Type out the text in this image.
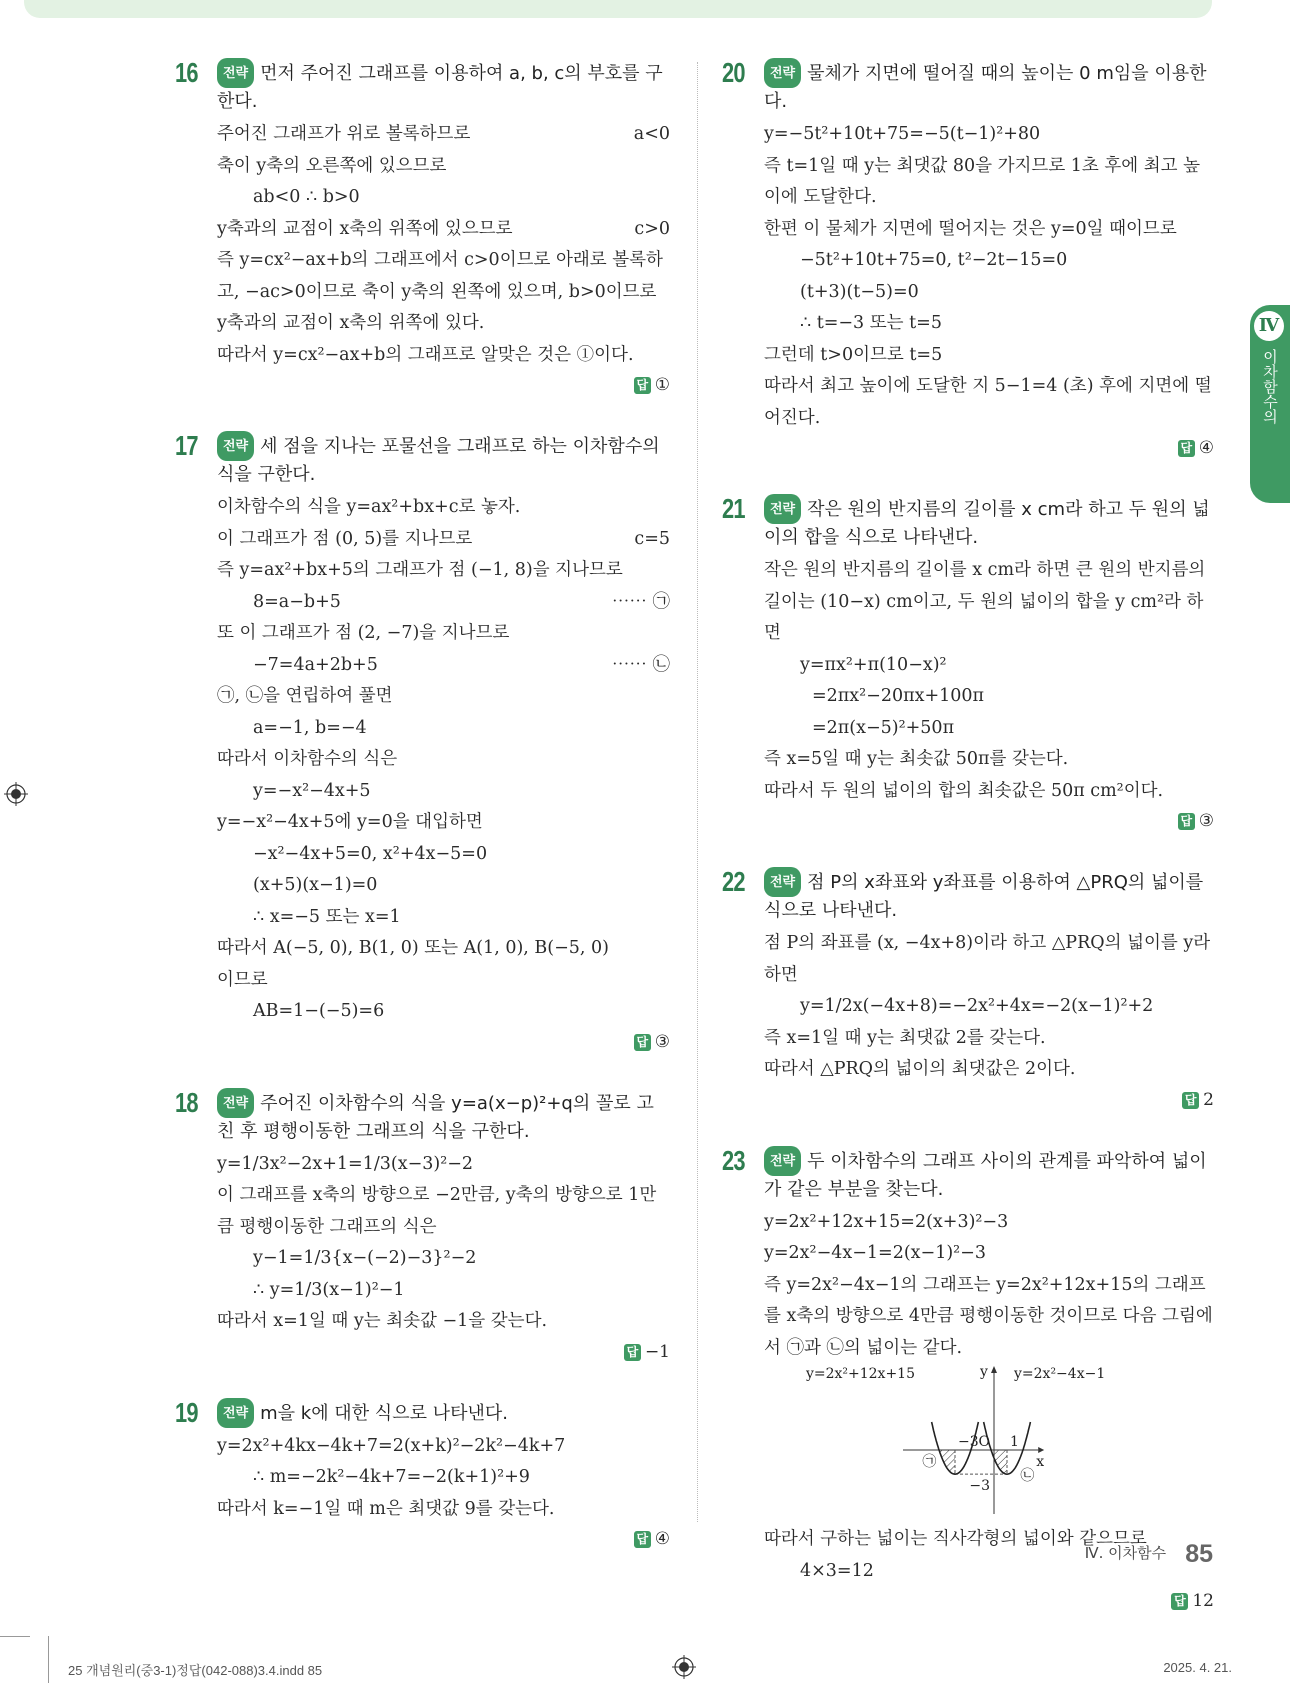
16	전략 먼저 주어진 그래프를 이용하여 a, b, c의 부호를 구한다.
a<0
주어진 그래프가 위로 볼록하므로
축이 y축의 오른쪽에 있으므로
ab<0 ∴ b>0
c>0
y축과의 교점이 x축의 위쪽에 있으므로
즉 y=cx²−ax+b의 그래프에서 c>0이므로 아래로 볼록하고, −ac>0이므로 축이 y축의 왼쪽에 있으며, b>0이므로 y축과의 교점이 x축의 위쪽에 있다.
따라서 y=cx²−ax+b의 그래프로 알맞은 것은 ①이다.
답 ①
17	전략 세 점을 지나는 포물선을 그래프로 하는 이차함수의 식을 구한다.
이차함수의 식을 y=ax²+bx+c로 놓자.
c=5
이 그래프가 점 (0, 5)를 지나므로
즉 y=ax²+bx+5의 그래프가 점 (−1, 8)을 지나므로
⋯⋯ ㉠
8=a−b+5
또 이 그래프가 점 (2, −7)을 지나므로
⋯⋯ ㉡
−7=4a+2b+5
㉠, ㉡을 연립하여 풀면
a=−1, b=−4
따라서 이차함수의 식은
y=−x²−4x+5
y=−x²−4x+5에 y=0을 대입하면
−x²−4x+5=0, x²+4x−5=0
(x+5)(x−1)=0
∴ x=−5 또는 x=1
따라서 A(−5, 0), B(1, 0) 또는 A(1, 0), B(−5, 0)
이므로
AB=1−(−5)=6
답 ③
18	전략 주어진 이차함수의 식을 y=a(x−p)²+q의 꼴로 고친 후 평행이동한 그래프의 식을 구한다.
y=1/3x²−2x+1=1/3(x−3)²−2
이 그래프를 x축의 방향으로 −2만큼, y축의 방향으로 1만큼 평행이동한 그래프의 식은
y−1=1/3{x−(−2)−3}²−2
∴ y=1/3(x−1)²−1
따라서 x=1일 때 y는 최솟값 −1을 갖는다.
답 −1
19	전략 m을 k에 대한 식으로 나타낸다.
y=2x²+4kx−4k+7=2(x+k)²−2k²−4k+7
∴ m=−2k²−4k+7=−2(k+1)²+9
따라서 k=−1일 때 m은 최댓값 9를 갖는다.
답 ④
20	전략 물체가 지면에 떨어질 때의 높이는 0 m임을 이용한다.
y=−5t²+10t+75=−5(t−1)²+80
즉 t=1일 때 y는 최댓값 80을 가지므로 1초 후에 최고 높이에 도달한다.
한편 이 물체가 지면에 떨어지는 것은 y=0일 때이므로
−5t²+10t+75=0, t²−2t−15=0
(t+3)(t−5)=0
∴ t=−3 또는 t=5
그런데 t>0이므로 t=5
따라서 최고 높이에 도달한 지 5−1=4 (초) 후에 지면에 떨어진다.
답 ④
21	전략 작은 원의 반지름의 길이를 x cm라 하고 두 원의 넓이의 합을 식으로 나타낸다.
작은 원의 반지름의 길이를 x cm라 하면 큰 원의 반지름의 길이는 (10−x) cm이고, 두 원의 넓이의 합을 y cm²라 하면
y=πx²+π(10−x)²
=2πx²−20πx+100π
=2π(x−5)²+50π
즉 x=5일 때 y는 최솟값 50π를 갖는다.
따라서 두 원의 넓이의 합의 최솟값은 50π cm²이다.
답 ③
22	전략 점 P의 x좌표와 y좌표를 이용하여 △PRQ의 넓이를 식으로 나타낸다.
점 P의 좌표를 (x, −4x+8)이라 하고 △PRQ의 넓이를 y라 하면
y=1/2x(−4x+8)=−2x²+4x=−2(x−1)²+2
즉 x=1일 때 y는 최댓값 2를 갖는다.
따라서 △PRQ의 넓이의 최댓값은 2이다.
답 2
23	전략 두 이차함수의 그래프 사이의 관계를 파악하여 넓이가 같은 부분을 찾는다.
y=2x²+12x+15=2(x+3)²−3
y=2x²−4x−1=2(x−1)²−3
즉 y=2x²−4x−1의 그래프는 y=2x²+12x+15의 그래프를 x축의 방향으로 4만큼 평행이동한 것이므로 다음 그림에서 ㉠과 ㉡의 넓이는 같다.
y=2x²+12x+15	y=2x²−4x−1
y
x
O
−3 1
−3
㉠
㉡
따라서 구하는 넓이는 직사각형의 넓이와 같으므로
4×3=12
답 12
Ⅳ
이차함수의
Ⅳ. 이차함수 85
25 개념원리(중3-1)정답(042-088)3.4.indd 85	2025. 4. 21.
